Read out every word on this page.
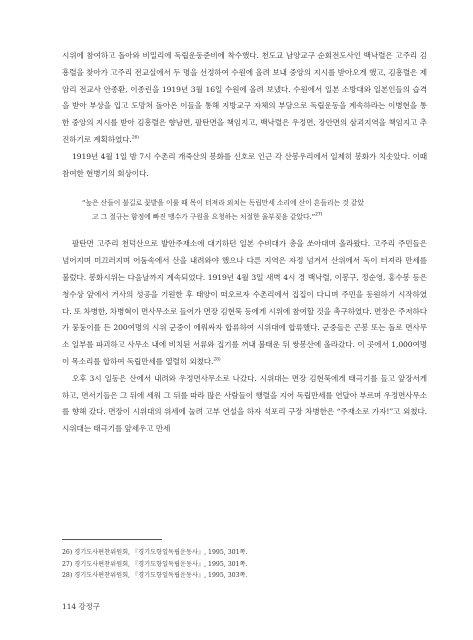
시위에 참여하고 돌아와 비밀리에 독립운동준비에 착수했다. 천도교 남양교구 순회전도사인 백낙렬은 고주리 김흥렬을 찾아가 고주리 전교실에서 두 명을 선정하여 수원에 올려 보내 중앙의 지시를 받아오게 했고, 김흥렬은 제암리 전교사 안종환, 이종린을 1919년 3월 16일 수원에 올려 보냈다. 수원에서 일본 소방대와 일본인들의 습격을 받아 부상을 입고 도망쳐 돌아온 이들을 통해 지방교구 자체의 부담으로 독립운동을 계속하라는 이병현을 통한 중앙의 지시를 받아 김흥렬은 향남면, 팔탄면을 책임지고, 백낙렬은 우정면, 장안면의 삼괴지역을 책임지고 추진하기로 계획하였다.$^{26)}$

1919년 4월 1일 밤 7시 수촌리 개죽산의 봉화를 신호로 인근 각 산봉우리에서 일제히 봉화가 치솟았다. 이때 참여한 현병기의 회상이다.

“높은 산들이 불길로 꽃밭을 이룰 때 목이 터져라 외치는 독립만세 소리에 산이 흔들리는 것 같았

고 그 절규는 함정에 빠진 맹수가 구원을 요청하는 처절한 울부짖음 같았다.”$^{27)}$

팔탄면 고주리 천덕산으로 발안주재소에 대기하던 일본 수비대가 총을 쏘아대며 올라왔다. 고주리 주민들은 넘어지며 미끄러지며 어둠속에서 산을 내려와야 했으나 다른 지역은 자정 넘겨서 산위에서 독이 터져라 만세를 불렀다. 봉화시위는 다음날까지 계속되었다. 1919년 4월 3일 새벽 4시 경 백낙렬, 이봉구, 정순영, 홍수봉 등은 청수상 앞에서 거사의 성공을 기원한 후 태양이 떠오르자 수촌리에서 집집이 다니며 주민을 동원하기 시작하였다. 또 차병한, 차병혁이 면사무소로 들어가 면장 김현묵 등에게 시위에 참여할 것을 촉구하였다. 면장은 주저하다가 뭉둥이를 든 200여명의 시위 군중이 에워싸자 합류하여 시위대에 합류했다. 군중들은 곤봉 또는 돌로 면사무소 일부를 파괴하고 사무소 내에 비치된 서류와 집기를 꺼내 불태운 뒤 쌍봉산에 올라갔다. 이 곳에서 1,000여명이 목소리를 합하여 독립만세를 열렬히 외쳤다.$^{28)}$

오후 3시 일동은 산에서 내려와 우정면사무소로 나갔다. 시위대는 면장 김현묵에게 태극기를 들고 앞장서게 하고, 면서기들은 그 뒤에 세워 그 뒤를 따라 많은 사람들이 행렬을 지어 독립만세를 연달아 부르며 우정면사무소를 향해 갔다. 면장이 시위대의 위세에 눌려 고부 연설을 하자 석포리 구장 차병한은 “주재소로 가자!”고 외쳤다. 시위대는 태극기를 앞세우고 만세

26) 경기도사편찬위원회, 『경기도항일독립운동사』, 1995, 301쪽.

27) 경기도사편찬위원회, 『경기도항일독립운동사』, 1995, 301쪽.

28) 경기도사편찬위원회, 『경기도항일독립운동사』, 1995, 303쪽.

114 강정구
